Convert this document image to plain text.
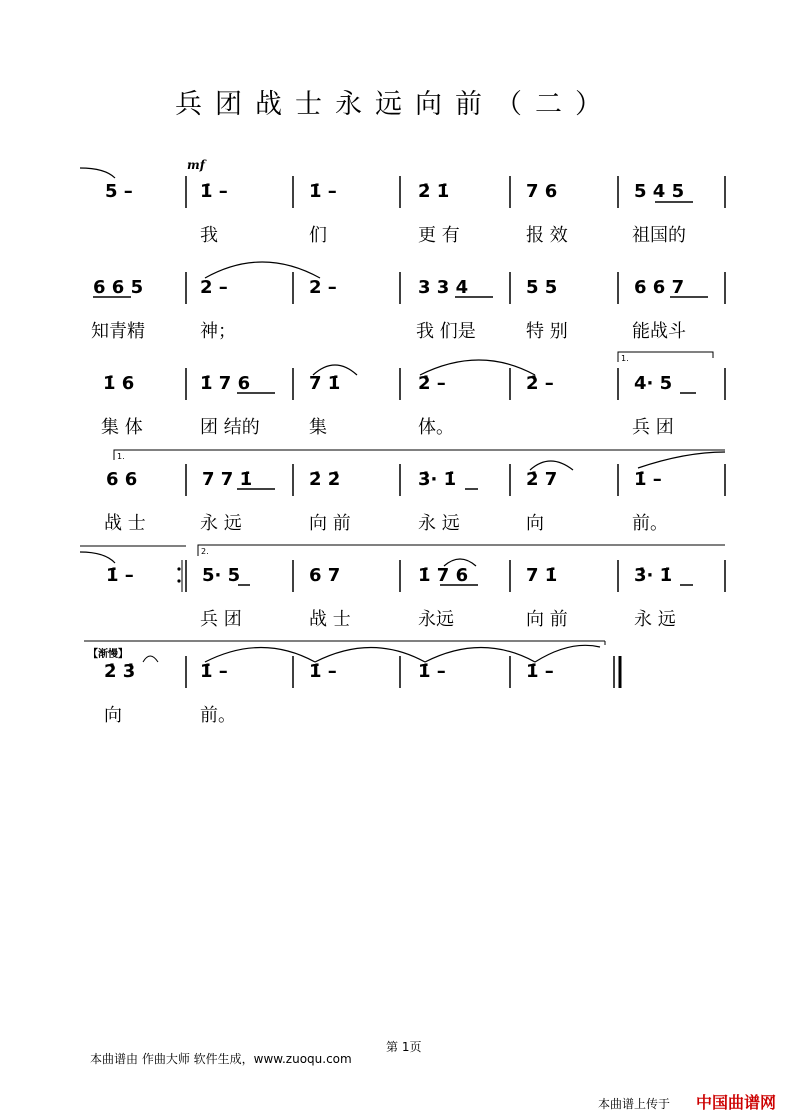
兵团战士永远向前（二）
mf
1.
1.
2.
【渐慢】
5 –	1̇ –	1̇ –	2̇ 1̇	7 6	5 4 5
我	们	更 有	报 效	祖国的
6 6 5	2 –	2 –	3 3 4	5 5	6 6 7
知青精	神；	我 们是	特 别	能战斗
1̇ 6	1̇ 7 6	7 1̇	2̇ –	2̇ –	4· 5
集 体	团 结的	集	体。	兵 团
6 6	7 7 1̇	2̇ 2̇	3̇· 1̇	2̇ 7	1̇ –
战 士	永 远	向 前	永 远	向	前。
1̇ –	5· 5	6 7	1̇ 7 6	7 1̇	3̇· 1̇
兵 团	战 士	永远	向 前	永 远
2̇ 3̇	1̇ –	1̇ –	1̇ –	1̇ –
向	前。
本曲谱由 作曲大师 软件生成，www.zuoqu.com
第 1页
本曲谱上传于 中国曲谱网
